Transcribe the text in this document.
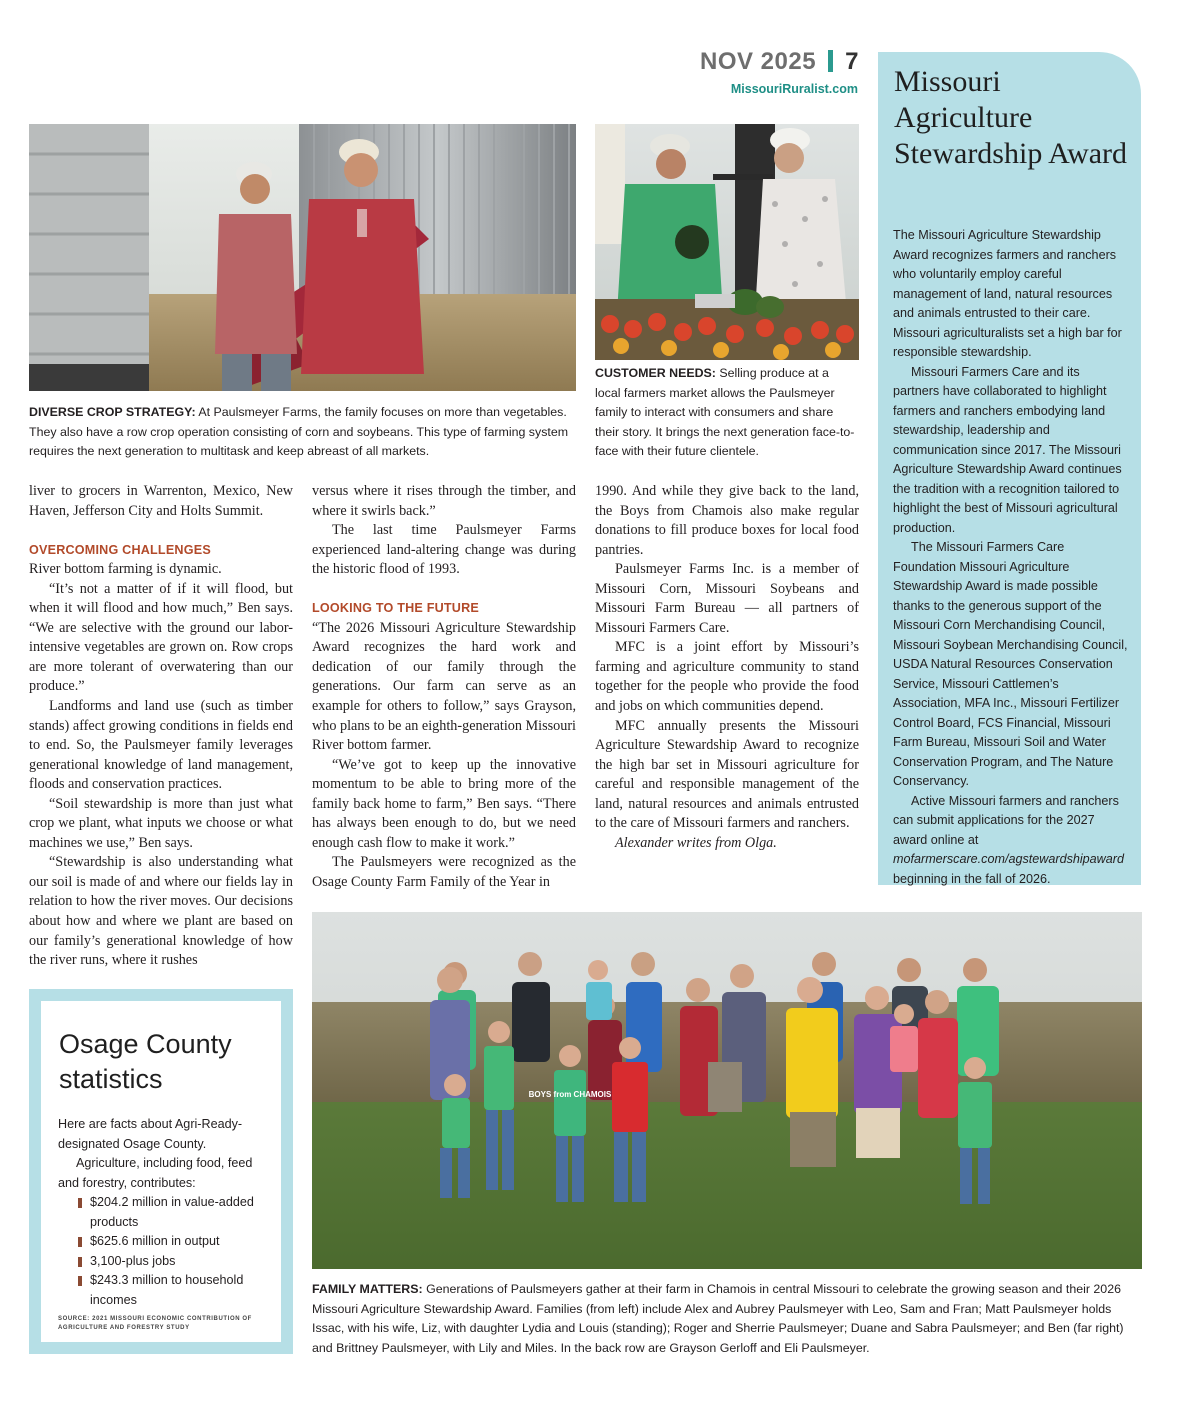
NOV 2025 7
MissouriRuralist.com
DIVERSE CROP STRATEGY: At Paulsmeyer Farms, the family focuses on more than vegetables. They also have a row crop operation consisting of corn and soybeans. This type of farming system requires the next generation to multitask and keep abreast of all markets.
CUSTOMER NEEDS: Selling produce at a local farmers market allows the Paulsmeyer family to interact with consumers and share their story. It brings the next generation face-to-face with their future clientele.

liver to grocers in Warrenton, Mexico, New Haven, Jefferson City and Holts Summit.

OVERCOMING CHALLENGES

River bottom farming is dynamic.

“It’s not a matter of if it will flood, but when it will flood and how much,” Ben says. “We are selective with the ground our labor-intensive vegetables are grown on. Row crops are more tolerant of overwatering than our produce.”

Landforms and land use (such as timber stands) affect growing conditions in fields end to end. So, the Paulsmeyer family leverages generational knowledge of land management, floods and conservation practices.

“Soil stewardship is more than just what crop we plant, what inputs we choose or what machines we use,” Ben says.

“Stewardship is also understanding what our soil is made of and where our fields lay in relation to how the river moves. Our decisions about how and where we plant are based on our family’s generational knowledge of how the river runs, where it rushes

versus where it rises through the timber, and where it swirls back.”

The last time Paulsmeyer Farms experienced land-altering change was during the historic flood of 1993.

LOOKING TO THE FUTURE

“The 2026 Missouri Agriculture Stewardship Award recognizes the hard work and dedication of our family through the generations. Our farm can serve as an example for others to follow,” says Grayson, who plans to be an eighth-generation Missouri River bottom farmer.

“We’ve got to keep up the innovative momentum to be able to bring more of the family back home to farm,” Ben says. “There has always been enough to do, but we need enough cash flow to make it work.”

The Paulsmeyers were recognized as the Osage County Farm Family of the Year in

1990. And while they give back to the land, the Boys from Chamois also make regular donations to fill produce boxes for local food pantries.

Paulsmeyer Farms Inc. is a member of Missouri Corn, Missouri Soybeans and Missouri Farm Bureau — all partners of Missouri Farmers Care.

MFC is a joint effort by Missouri’s farming and agriculture community to stand together for the people who provide the food and jobs on which communities depend.

MFC annually presents the Missouri Agriculture Stewardship Award to recognize the high bar set in Missouri agriculture for careful and responsible management of the land, natural resources and animals entrusted to the care of Missouri farmers and ranchers.

Alexander writes from Olga.

Missouri Agriculture Stewardship Award

The Missouri Agriculture Stewardship Award recognizes farmers and ranchers who voluntarily employ careful management of land, natural resources and animals entrusted to their care. Missouri agriculturalists set a high bar for responsible stewardship.

Missouri Farmers Care and its partners have collaborated to highlight farmers and ranchers embodying land stewardship, leadership and communication since 2017. The Missouri Agriculture Stewardship Award continues the tradition with a recognition tailored to highlight the best of Missouri agricultural production.

The Missouri Farmers Care Foundation Missouri Agriculture Stewardship Award is made possible thanks to the generous support of the Missouri Corn Merchandising Council, Missouri Soybean Merchandising Council, USDA Natural Resources Conservation Service, Missouri Cattlemen’s Association, MFA Inc., Missouri Fertilizer Control Board, FCS Financial, Missouri Farm Bureau, Missouri Soil and Water Conservation Program, and The Nature Conservancy.

Active Missouri farmers and ranchers can submit applications for the 2027 award online at mofarmerscare.com/agstewardshipaward beginning in the fall of 2026.

BOYS from CHAMOIS
FAMILY MATTERS: Generations of Paulsmeyers gather at their farm in Chamois in central Missouri to celebrate the growing season and their 2026 Missouri Agriculture Stewardship Award. Families (from left) include Alex and Aubrey Paulsmeyer with Leo, Sam and Fran; Matt Paulsmeyer holds Issac, with his wife, Liz, with daughter Lydia and Louis (standing); Roger and Sherrie Paulsmeyer; Duane and Sabra Paulsmeyer; and Ben (far right) and Brittney Paulsmeyer, with Lily and Miles. In the back row are Grayson Gerloff and Eli Paulsmeyer.
Osage County statistics

Here are facts about Agri-Ready-designated Osage County.

Agriculture, including food, feed and forestry, contributes:

$204.2 million in value-added products
$625.6 million in output
3,100-plus jobs
$243.3 million to household incomes
SOURCE: 2021 MISSOURI ECONOMIC CONTRIBUTION OF AGRICULTURE AND FORESTRY STUDY
